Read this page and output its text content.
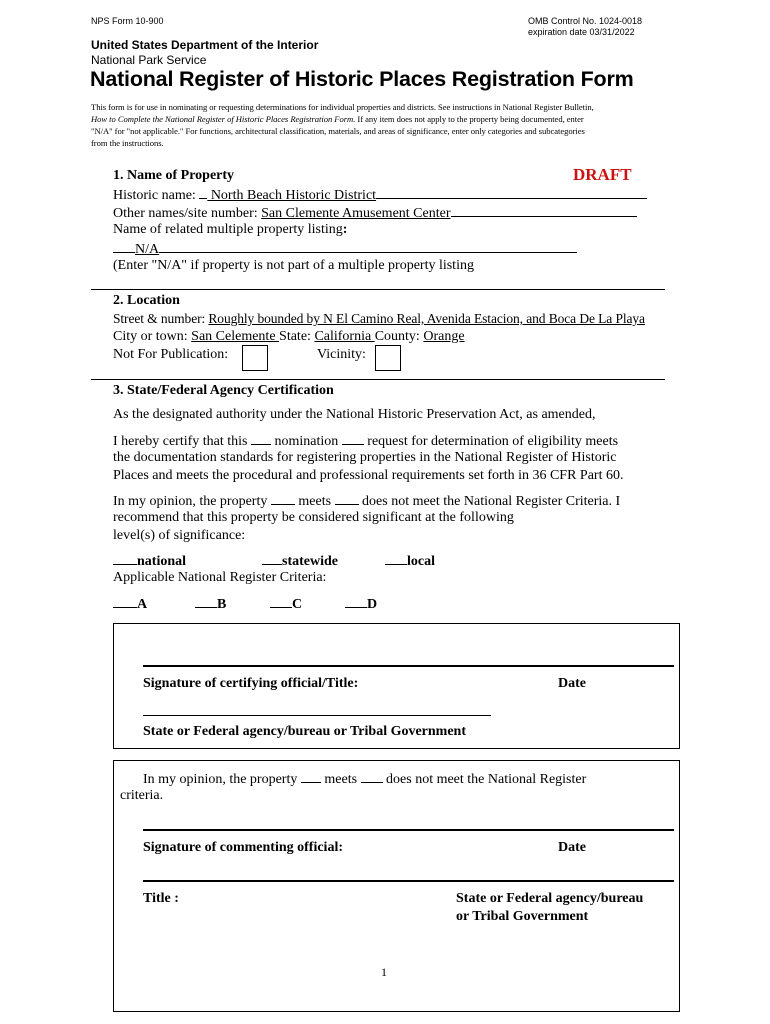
NPS Form 10-900	OMB Control No. 1024-0018
expiration date 03/31/2022
United States Department of the Interior
National Park Service
National Register of Historic Places Registration Form
This form is for use in nominating or requesting determinations for individual properties and districts. See instructions in National Register Bulletin,
How to Complete the National Register of Historic Places Registration Form. If any item does not apply to the property being documented, enter
"N/A" for "not applicable." For functions, architectural classification, materials, and areas of significance, enter only categories and subcategories
from the instructions.
DRAFT
1. Name of Property
Historic name:  North Beach Historic District
Other names/site number: San Clemente Amusement Center
Name of related multiple property listing:
N/A
(Enter "N/A" if property is not part of a multiple property listing
2. Location
Street & number: Roughly bounded by N El Camino Real, Avenida Estacion, and Boca De La Playa
City or town: San Celemente State: California County: Orange
Not For Publication:	Vicinity:
3. State/Federal Agency Certification
As the designated authority under the National Historic Preservation Act, as amended,
I hereby certify that this  nomination  request for determination of eligibility meets
the documentation standards for registering properties in the National Register of Historic
Places and meets the procedural and professional requirements set forth in 36 CFR Part 60.
In my opinion, the property  meets  does not meet the National Register Criteria. I
recommend that this property be considered significant at the following
level(s) of significance:
national	statewide	local
Applicable National Register Criteria:
A	B	C	D
Signature of certifying official/Title:	Date
State or Federal agency/bureau or Tribal Government
In my opinion, the property  meets  does not meet the National Register
criteria.
Signature of commenting official:	Date
Title :	State or Federal agency/bureau
or Tribal Government
1
